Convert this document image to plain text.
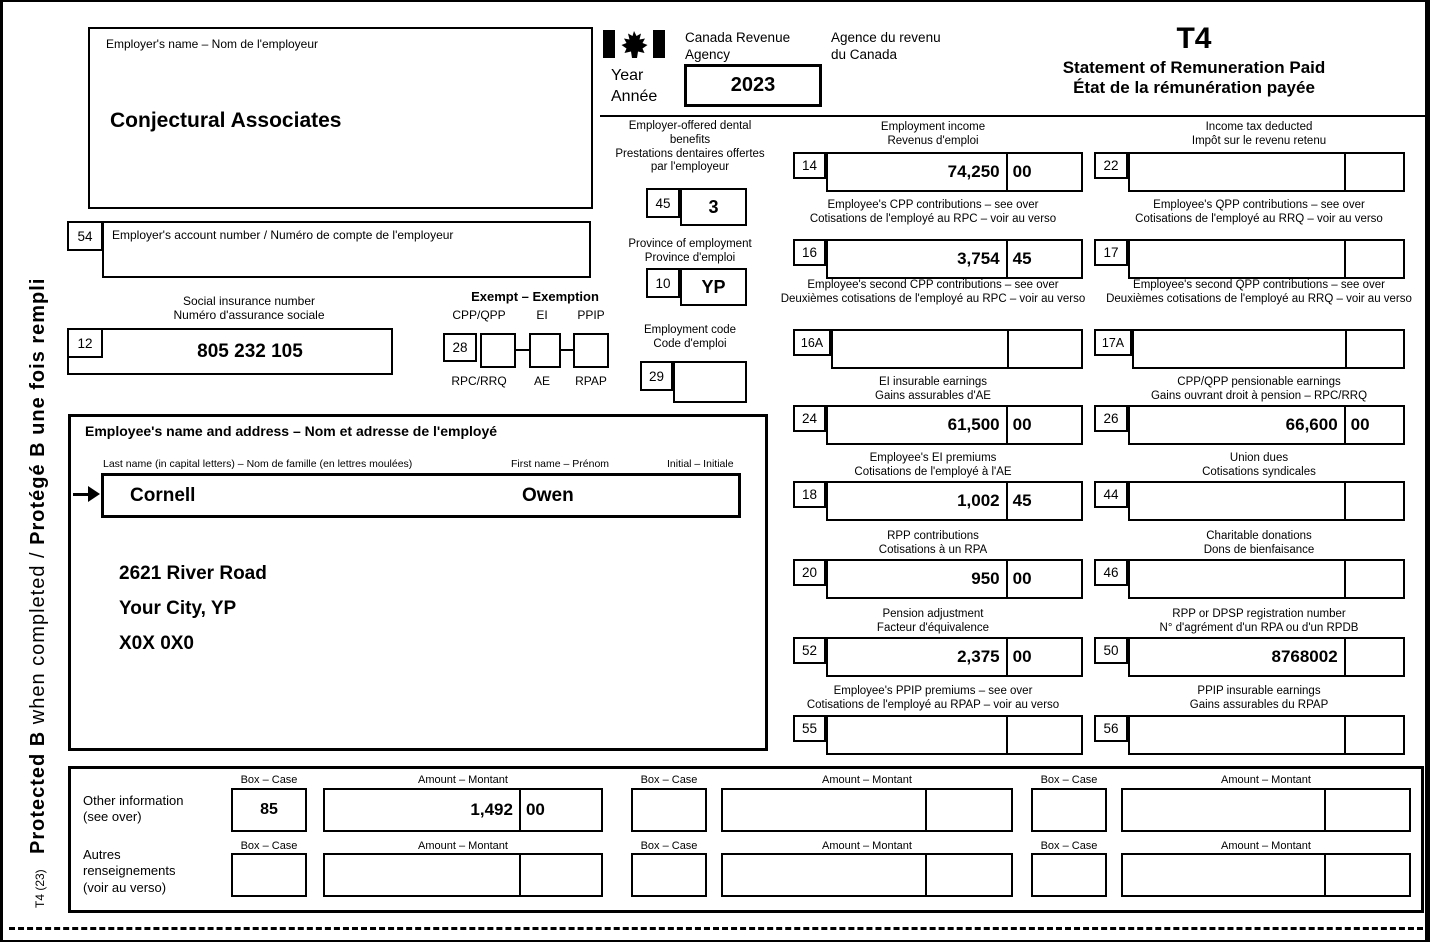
Protected B when completed / Protégé B une fois rempli
T4 (23)
Employer's name – Nom de l'employeur
Conjectural Associates
Canada Revenue
Agency
Agence du revenu
du Canada
Year
Année
2023
T4
Statement of Remuneration Paid
État de la rémunération payée
Employer's account number / Numéro de compte de l'employeur
54
Social insurance number
Numéro d'assurance sociale
805 232 105
12
Exempt – Exemption
CPP/QPP	EI	PPIP
28
RPC/RRQ	AE	RPAP
Employer-offered dental benefits
Prestations dentaires offertes par l'employeur
45	3
Province of employment
Province d'emploi
10	YP
Employment code
Code d'emploi
29
Employment income
Revenus d'emploi
14	74,250 00
Employee's CPP contributions – see over
Cotisations de l'employé au RPC – voir au verso
16	3,754 45
Employee's second CPP contributions – see over
Deuxièmes cotisations de l'employé au RPC – voir au verso
16A
EI insurable earnings
Gains assurables d'AE
24	61,500 00
Employee's EI premiums
Cotisations de l'employé à l'AE
18	1,002 45
RPP contributions
Cotisations à un RPA
20	950 00
Pension adjustment
Facteur d'équivalence
52	2,375 00
Employee's PPIP premiums – see over
Cotisations de l'employé au RPAP – voir au verso
55
Income tax deducted
Impôt sur le revenu retenu
22
Employee's QPP contributions – see over
Cotisations de l'employé au RRQ – voir au verso
17
Employee's second QPP contributions – see over
Deuxièmes cotisations de l'employé au RRQ – voir au verso
17A
CPP/QPP pensionable earnings
Gains ouvrant droit à pension – RPC/RRQ
26	66,600 00
Union dues
Cotisations syndicales
44
Charitable donations
Dons de bienfaisance
46
RPP or DPSP registration number
N° d'agrément d'un RPA ou d'un RPDB
50	8768002
PPIP insurable earnings
Gains assurables du RPAP
56
Employee's name and address – Nom et adresse de l'employé
Last name (in capital letters) – Nom de famille (en lettres moulées)	First name – Prénom	Initial – Initiale
Cornell	Owen
2621 River Road
Your City, YP
X0X 0X0
Other information
(see over)
Autres
renseignements
(voir au verso)
Box – Case	Amount – Montant	Box – Case	Amount – Montant	Box – Case	Amount – Montant
85	1,492 00
Box – Case	Amount – Montant	Box – Case	Amount – Montant	Box – Case	Amount – Montant
